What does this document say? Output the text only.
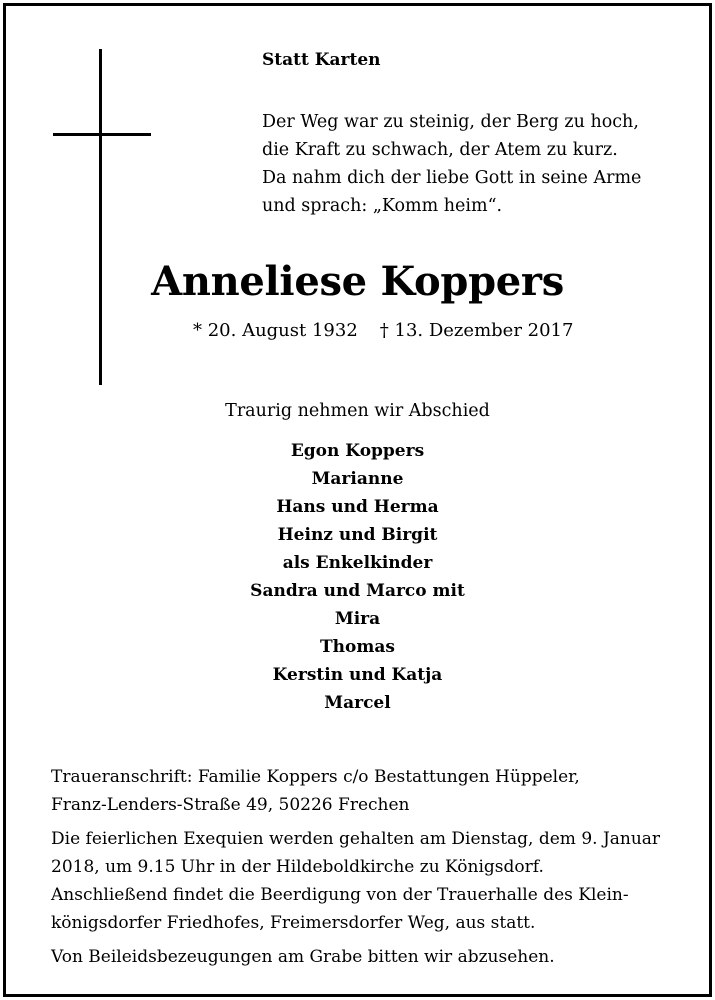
Statt Karten
Der Weg war zu steinig, der Berg zu hoch,
die Kraft zu schwach, der Atem zu kurz.
Da nahm dich der liebe Gott in seine Arme
und sprach: „Komm heim“.
Anneliese Koppers
* 20. August 1932 † 13. Dezember 2017
Traurig nehmen wir Abschied
Egon Koppers
Marianne
Hans und Herma
Heinz und Birgit
als Enkelkinder
Sandra und Marco mit
Mira
Thomas
Kerstin und Katja
Marcel

Traueranschrift: Familie Koppers c/o Bestattungen Hüppeler,
Franz-Lenders-Straße 49, 50226 Frechen

Die feierlichen Exequien werden gehalten am Dienstag, dem 9. Januar
2018, um 9.15 Uhr in der Hildeboldkirche zu Königsdorf.
Anschließend findet die Beerdigung von der Trauerhalle des Klein-
königsdorfer Friedhofes, Freimersdorfer Weg, aus statt.

Von Beileidsbezeugungen am Grabe bitten wir abzusehen.
